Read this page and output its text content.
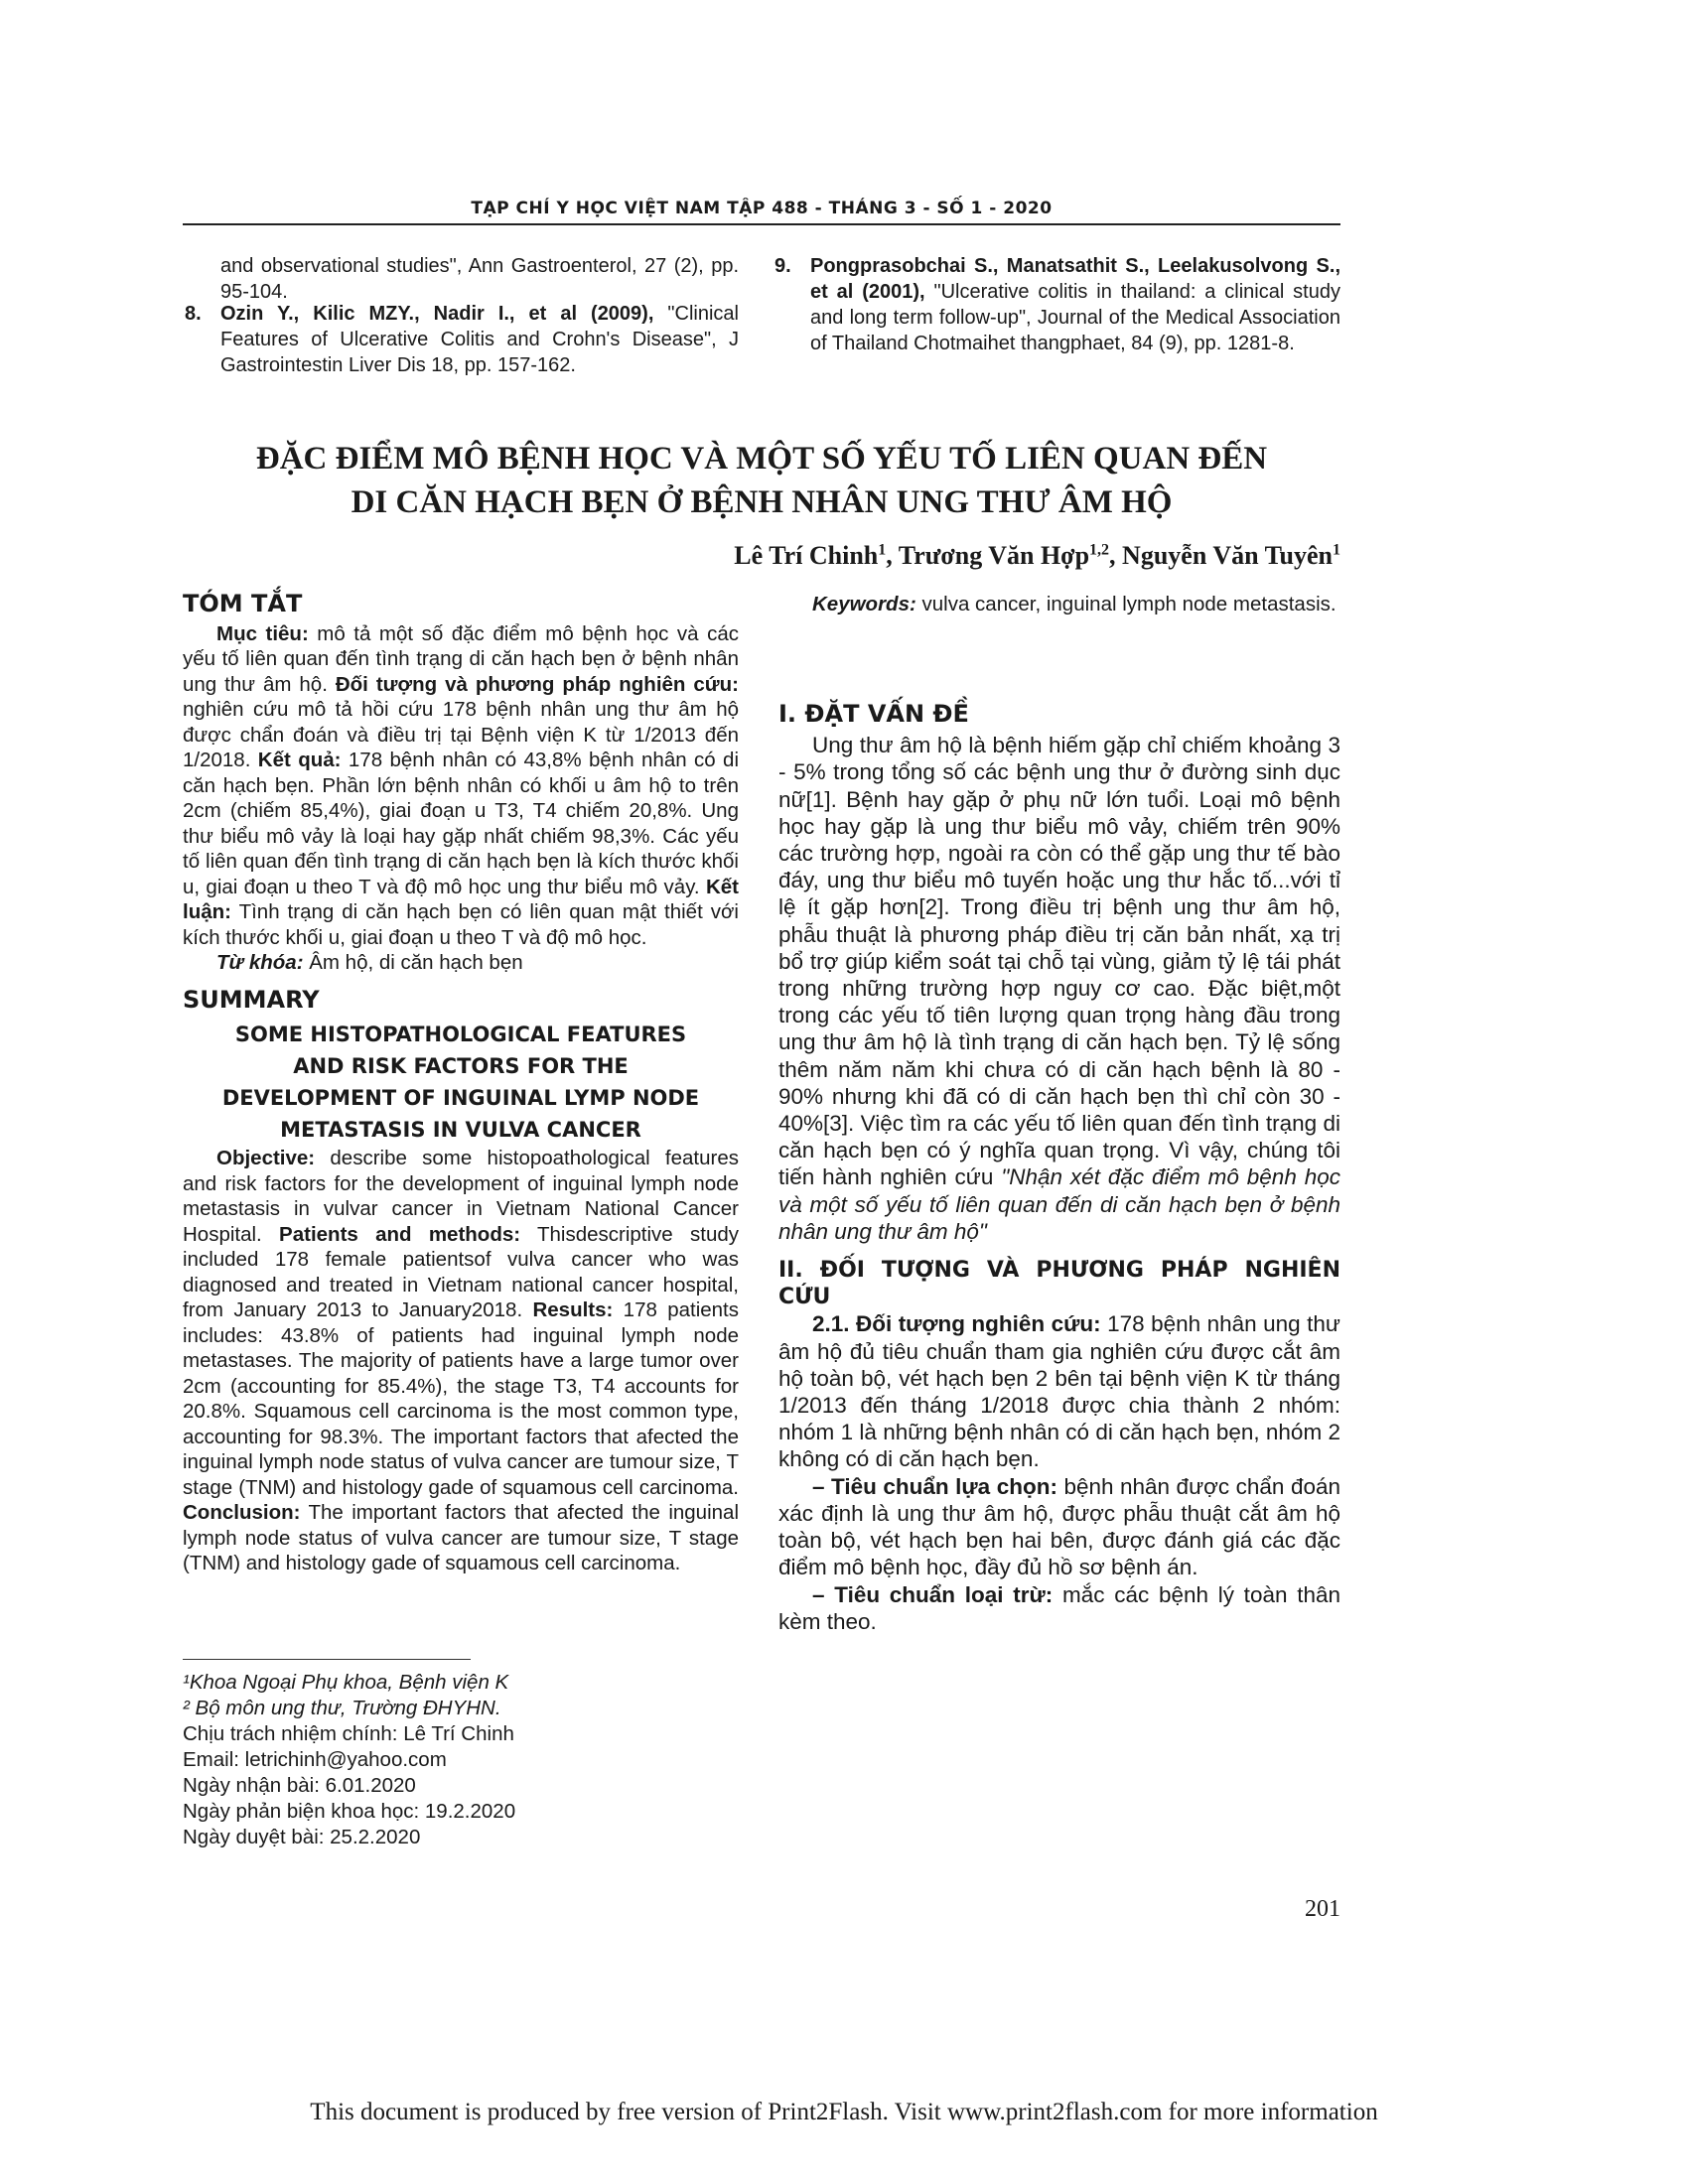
TẠP CHÍ Y HỌC VIỆT NAM TẬP 488 - THÁNG 3 - SỐ 1 - 2020
and observational studies", Ann Gastroenterol, 27 (2), pp. 95-104.
8. Ozin Y., Kilic MZY., Nadir I., et al (2009), "Clinical Features of Ulcerative Colitis and Crohn's Disease", J Gastrointestin Liver Dis 18, pp. 157-162.
9. Pongprasobchai S., Manatsathit S., Leelakusolvong S., et al (2001), "Ulcerative colitis in thailand: a clinical study and long term follow-up", Journal of the Medical Association of Thailand Chotmaihet thangphaet, 84 (9), pp. 1281-8.
ĐẶC ĐIỂM MÔ BỆNH HỌC VÀ MỘT SỐ YẾU TỐ LIÊN QUAN ĐẾN
DI CĂN HẠCH BẸN Ở BỆNH NHÂN UNG THƯ ÂM HỘ
Lê Trí Chinh$^1$, Trương Văn Hợp$^{1,2}$, Nguyễn Văn Tuyên$^1$

TÓM TẮT

Mục tiêu: mô tả một số đặc điểm mô bệnh học và các yếu tố liên quan đến tình trạng di căn hạch bẹn ở bệnh nhân ung thư âm hộ. Đối tượng và phương pháp nghiên cứu: nghiên cứu mô tả hồi cứu 178 bệnh nhân ung thư âm hộ được chẩn đoán và điều trị tại Bệnh viện K từ 1/2013 đến 1/2018. Kết quả: 178 bệnh nhân có 43,8% bệnh nhân có di căn hạch bẹn. Phần lớn bệnh nhân có khối u âm hộ to trên 2cm (chiếm 85,4%), giai đoạn u T3, T4 chiếm 20,8%. Ung thư biểu mô vảy là loại hay gặp nhất chiếm 98,3%. Các yếu tố liên quan đến tình trạng di căn hạch bẹn là kích thước khối u, giai đoạn u theo T và độ mô học ung thư biểu mô vảy. Kết luận: Tình trạng di căn hạch bẹn có liên quan mật thiết với kích thước khối u, giai đoạn u theo T và độ mô học.

Từ khóa: Âm hộ, di căn hạch bẹn

SUMMARY

SOME HISTOPATHOLOGICAL FEATURES
AND RISK FACTORS FOR THE
DEVELOPMENT OF INGUINAL LYMP NODE
METASTASIS IN VULVA CANCER

Objective: describe some histopoathological features and risk factors for the development of inguinal lymph node metastasis in vulvar cancer in Vietnam National Cancer Hospital. Patients and methods: Thisdescriptive study included 178 female patientsof vulva cancer who was diagnosed and treated in Vietnam national cancer hospital, from January 2013 to January2018. Results: 178 patients includes: 43.8% of patients had inguinal lymph node metastases. The majority of patients have a large tumor over 2cm (accounting for 85.4%), the stage T3, T4 accounts for 20.8%. Squamous cell carcinoma is the most common type, accounting for 98.3%. The important factors that afected the inguinal lymph node status of vulva cancer are tumour size, T stage (TNM) and histology gade of squamous cell carcinoma. Conclusion: The important factors that afected the inguinal lymph node status of vulva cancer are tumour size, T stage (TNM) and histology gade of squamous cell carcinoma.

¹Khoa Ngoại Phụ khoa, Bệnh viện K
² Bộ môn ung thư, Trường ĐHYHN.
Chịu trách nhiệm chính: Lê Trí Chinh
Email: letrichinh@yahoo.com
Ngày nhận bài: 6.01.2020
Ngày phản biện khoa học: 19.2.2020
Ngày duyệt bài: 25.2.2020

Keywords: vulva cancer, inguinal lymph node metastasis.

I. ĐẶT VẤN ĐỀ

Ung thư âm hộ là bệnh hiếm gặp chỉ chiếm khoảng 3 - 5% trong tổng số các bệnh ung thư ở đường sinh dục nữ[1]. Bệnh hay gặp ở phụ nữ lớn tuổi. Loại mô bệnh học hay gặp là ung thư biểu mô vảy, chiếm trên 90% các trường hợp, ngoài ra còn có thể gặp ung thư tế bào đáy, ung thư biểu mô tuyến hoặc ung thư hắc tố...với tỉ lệ ít gặp hơn[2]. Trong điều trị bệnh ung thư âm hộ, phẫu thuật là phương pháp điều trị căn bản nhất, xạ trị bổ trợ giúp kiểm soát tại chỗ tại vùng, giảm tỷ lệ tái phát trong những trường hợp nguy cơ cao. Đặc biệt,một trong các yếu tố tiên lượng quan trọng hàng đầu trong ung thư âm hộ là tình trạng di căn hạch bẹn. Tỷ lệ sống thêm năm năm khi chưa có di căn hạch bệnh là 80 - 90% nhưng khi đã có di căn hạch bẹn thì chỉ còn 30 - 40%[3]. Việc tìm ra các yếu tố liên quan đến tình trạng di căn hạch bẹn có ý nghĩa quan trọng. Vì vậy, chúng tôi tiến hành nghiên cứu "Nhận xét đặc điểm mô bệnh học và một số yếu tố liên quan đến di căn hạch bẹn ở bệnh nhân ung thư âm hộ"

II. ĐỐI TƯỢNG VÀ PHƯƠNG PHÁP NGHIÊN CỨU

2.1. Đối tượng nghiên cứu: 178 bệnh nhân ung thư âm hộ đủ tiêu chuẩn tham gia nghiên cứu được cắt âm hộ toàn bộ, vét hạch bẹn 2 bên tại bệnh viện K từ tháng 1/2013 đến tháng 1/2018 được chia thành 2 nhóm: nhóm 1 là những bệnh nhân có di căn hạch bẹn, nhóm 2 không có di căn hạch bẹn.

– Tiêu chuẩn lựa chọn: bệnh nhân được chẩn đoán xác định là ung thư âm hộ, được phẫu thuật cắt âm hộ toàn bộ, vét hạch bẹn hai bên, được đánh giá các đặc điểm mô bệnh học, đầy đủ hồ sơ bệnh án.

– Tiêu chuẩn loại trừ: mắc các bệnh lý toàn thân kèm theo.

201
This document is produced by free version of Print2Flash. Visit www.print2flash.com for more information
